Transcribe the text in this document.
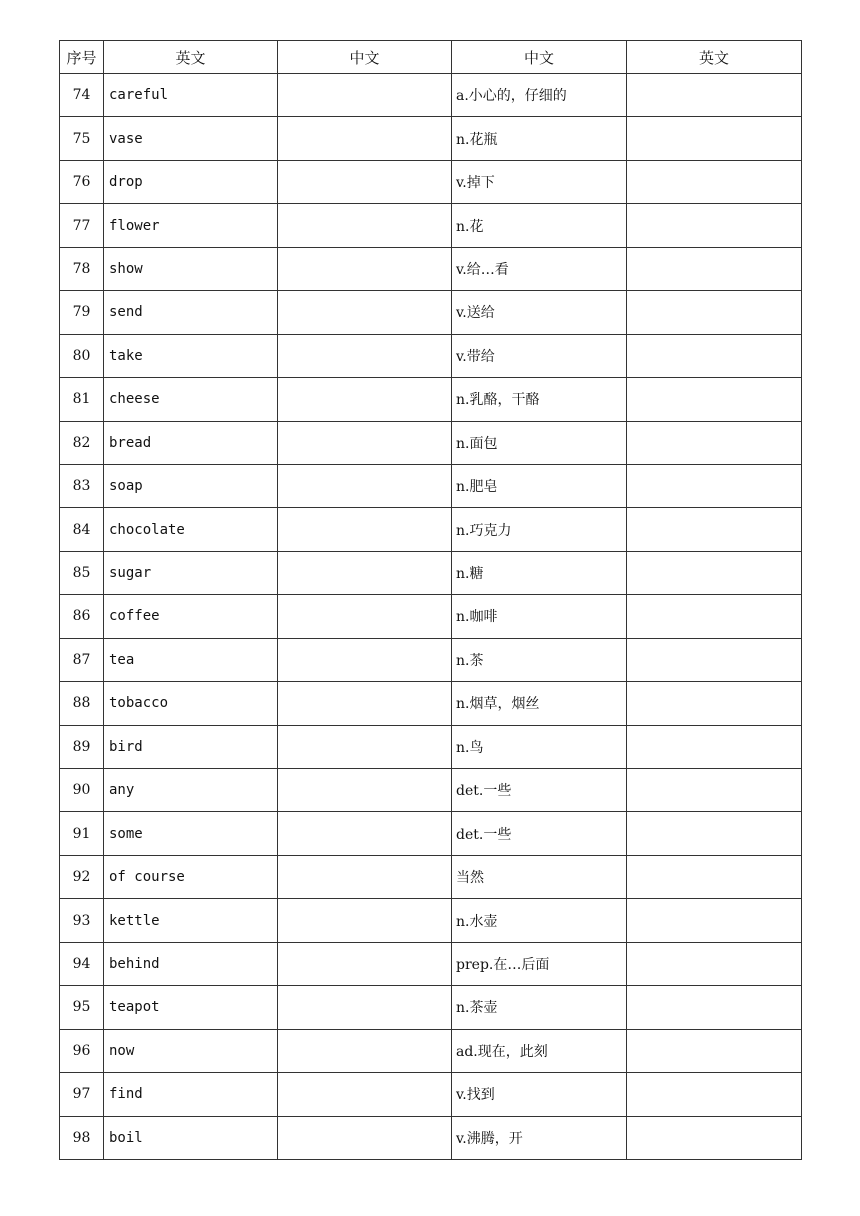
序号	英文	中文	中文	英文
74	careful		a.小心的，仔细的	
75	vase		n.花瓶	
76	drop		v.掉下	
77	flower		n.花	
78	show		v.给…看	
79	send		v.送给	
80	take		v.带给	
81	cheese		n.乳酪，干酪	
82	bread		n.面包	
83	soap		n.肥皂	
84	chocolate		n.巧克力	
85	sugar		n.糖	
86	coffee		n.咖啡	
87	tea		n.茶	
88	tobacco		n.烟草，烟丝	
89	bird		n.鸟	
90	any		det.一些	
91	some		det.一些	
92	of course		当然	
93	kettle		n.水壶	
94	behind		prep.在…后面	
95	teapot		n.茶壶	
96	now		ad.现在，此刻	
97	find		v.找到	
98	boil		v.沸腾，开	
